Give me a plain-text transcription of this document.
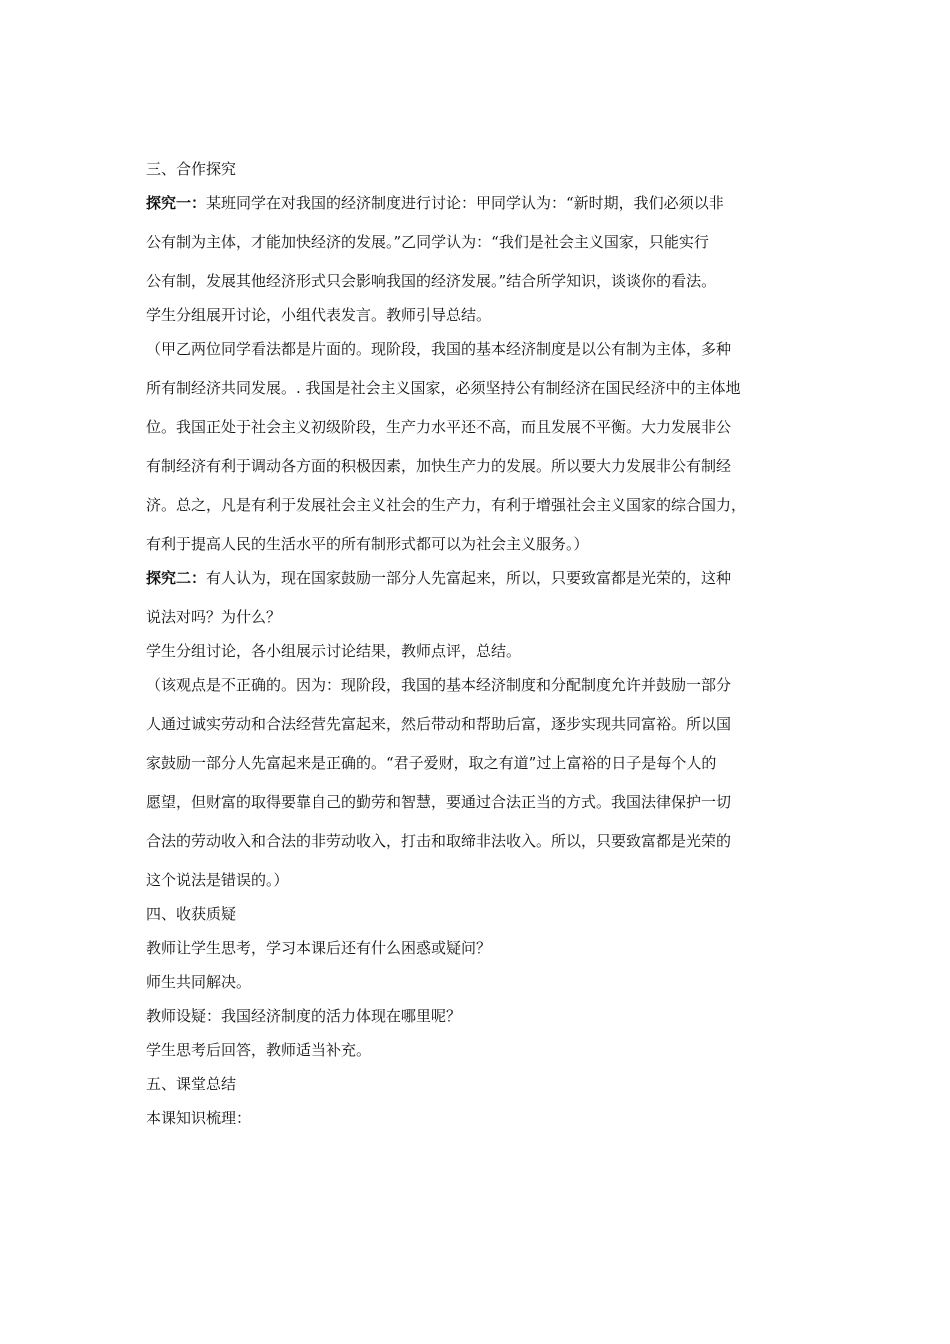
三、合作探究

探究一：某班同学在对我国的经济制度进行讨论：甲同学认为：“新时期，我们必须以非

公有制为主体，才能加快经济的发展。”乙同学认为：“我们是社会主义国家，只能实行

公有制，发展其他经济形式只会影响我国的经济发展。”结合所学知识，谈谈你的看法。

学生分组展开讨论，小组代表发言。教师引导总结。

（甲乙两位同学看法都是片面的。现阶段，我国的基本经济制度是以公有制为主体，多种

所有制经济共同发展。. 我国是社会主义国家，必须坚持公有制经济在国民经济中的主体地

位。我国正处于社会主义初级阶段，生产力水平还不高，而且发展不平衡。大力发展非公

有制经济有利于调动各方面的积极因素，加快生产力的发展。所以要大力发展非公有制经

济。总之，凡是有利于发展社会主义社会的生产力，有利于增强社会主义国家的综合国力，

有利于提高人民的生活水平的所有制形式都可以为社会主义服务。）

探究二：有人认为，现在国家鼓励一部分人先富起来，所以，只要致富都是光荣的，这种

说法对吗？为什么？

学生分组讨论，各小组展示讨论结果，教师点评，总结。

（该观点是不正确的。因为：现阶段，我国的基本经济制度和分配制度允许并鼓励一部分

人通过诚实劳动和合法经营先富起来，然后带动和帮助后富，逐步实现共同富裕。所以国

家鼓励一部分人先富起来是正确的。“君子爱财，取之有道”过上富裕的日子是每个人的

愿望，但财富的取得要靠自己的勤劳和智慧，要通过合法正当的方式。我国法律保护一切

合法的劳动收入和合法的非劳动收入，打击和取缔非法收入。所以，只要致富都是光荣的

这个说法是错误的。）

四、收获质疑

教师让学生思考，学习本课后还有什么困惑或疑问？

师生共同解决。

教师设疑：我国经济制度的活力体现在哪里呢？

学生思考后回答，教师适当补充。

五、课堂总结

本课知识梳理：
